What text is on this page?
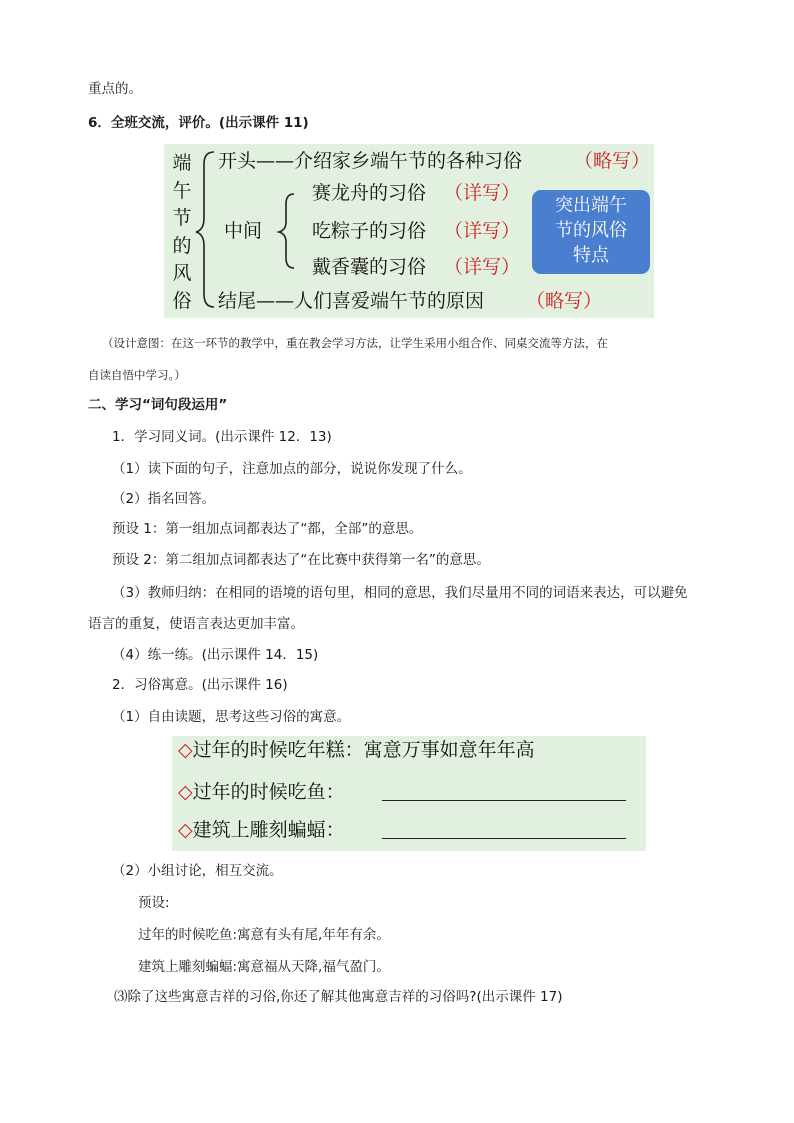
重点的。
6．全班交流，评价。(出示课件 11)
端午节的风俗
开头——介绍家乡端午节的各种习俗	（略写）
中间
赛龙舟的习俗 （详写）
吃粽子的习俗 （详写）
戴香囊的习俗 （详写）
结尾——人们喜爱端午节的原因 （略写）
突出端午
节的风俗
特点
（设计意图：在这一环节的教学中，重在教会学习方法，让学生采用小组合作、同桌交流等方法，在
自读自悟中学习。）
二、学习“词句段运用”
1．学习同义词。(出示课件 12．13)
（1）读下面的句子，注意加点的部分，说说你发现了什么。
（2）指名回答。
预设 1：第一组加点词都表达了“都，全部”的意思。
预设 2：第二组加点词都表达了“在比赛中获得第一名”的意思。
（3）教师归纳：在相同的语境的语句里，相同的意思，我们尽量用不同的词语来表达，可以避免
语言的重复，使语言表达更加丰富。
（4）练一练。(出示课件 14．15)
2．习俗寓意。(出示课件 16)
（1）自由读题，思考这些习俗的寓意。
◇过年的时候吃年糕：寓意万事如意年年高
◇过年的时候吃鱼：
◇建筑上雕刻蝙蝠：
（2）小组讨论，相互交流。
预设:
过年的时候吃鱼:寓意有头有尾,年年有余。
建筑上雕刻蝙蝠:寓意福从天降,福气盈门。
⑶除了这些寓意吉祥的习俗,你还了解其他寓意吉祥的习俗吗?(出示课件 17)
